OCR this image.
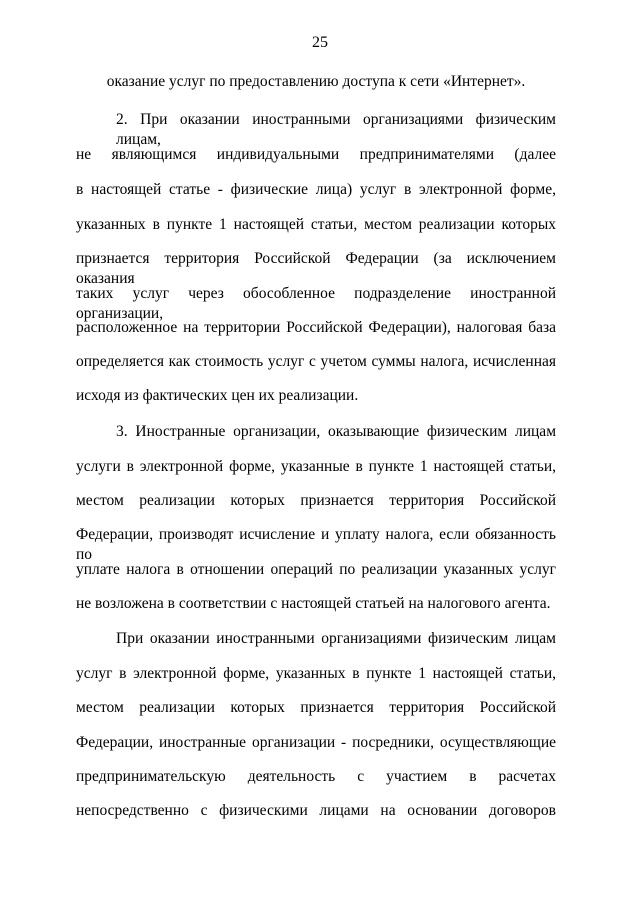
25
оказание услуг по предоставлению доступа к сети «Интернет».
2. При оказании иностранными организациями физическим лицам,
не являющимся индивидуальными предпринимателями (далее
в настоящей статье - физические лица) услуг в электронной форме,
указанных в пункте 1 настоящей статьи, местом реализации которых
признается территория Российской Федерации (за исключением оказания
таких услуг через обособленное подразделение иностранной организации,
расположенное на территории Российской Федерации), налоговая база
определяется как стоимость услуг с учетом суммы налога, исчисленная
исходя из фактических цен их реализации.
3. Иностранные организации, оказывающие физическим лицам
услуги в электронной форме, указанные в пункте 1 настоящей статьи,
местом реализации которых признается территория Российской
Федерации, производят исчисление и уплату налога, если обязанность по
уплате налога в отношении операций по реализации указанных услуг
не возложена в соответствии с настоящей статьей на налогового агента.
При оказании иностранными организациями физическим лицам
услуг в электронной форме, указанных в пункте 1 настоящей статьи,
местом реализации которых признается территория Российской
Федерации, иностранные организации - посредники, осуществляющие
предпринимательскую деятельность с участием в расчетах
непосредственно с физическими лицами на основании договоров
